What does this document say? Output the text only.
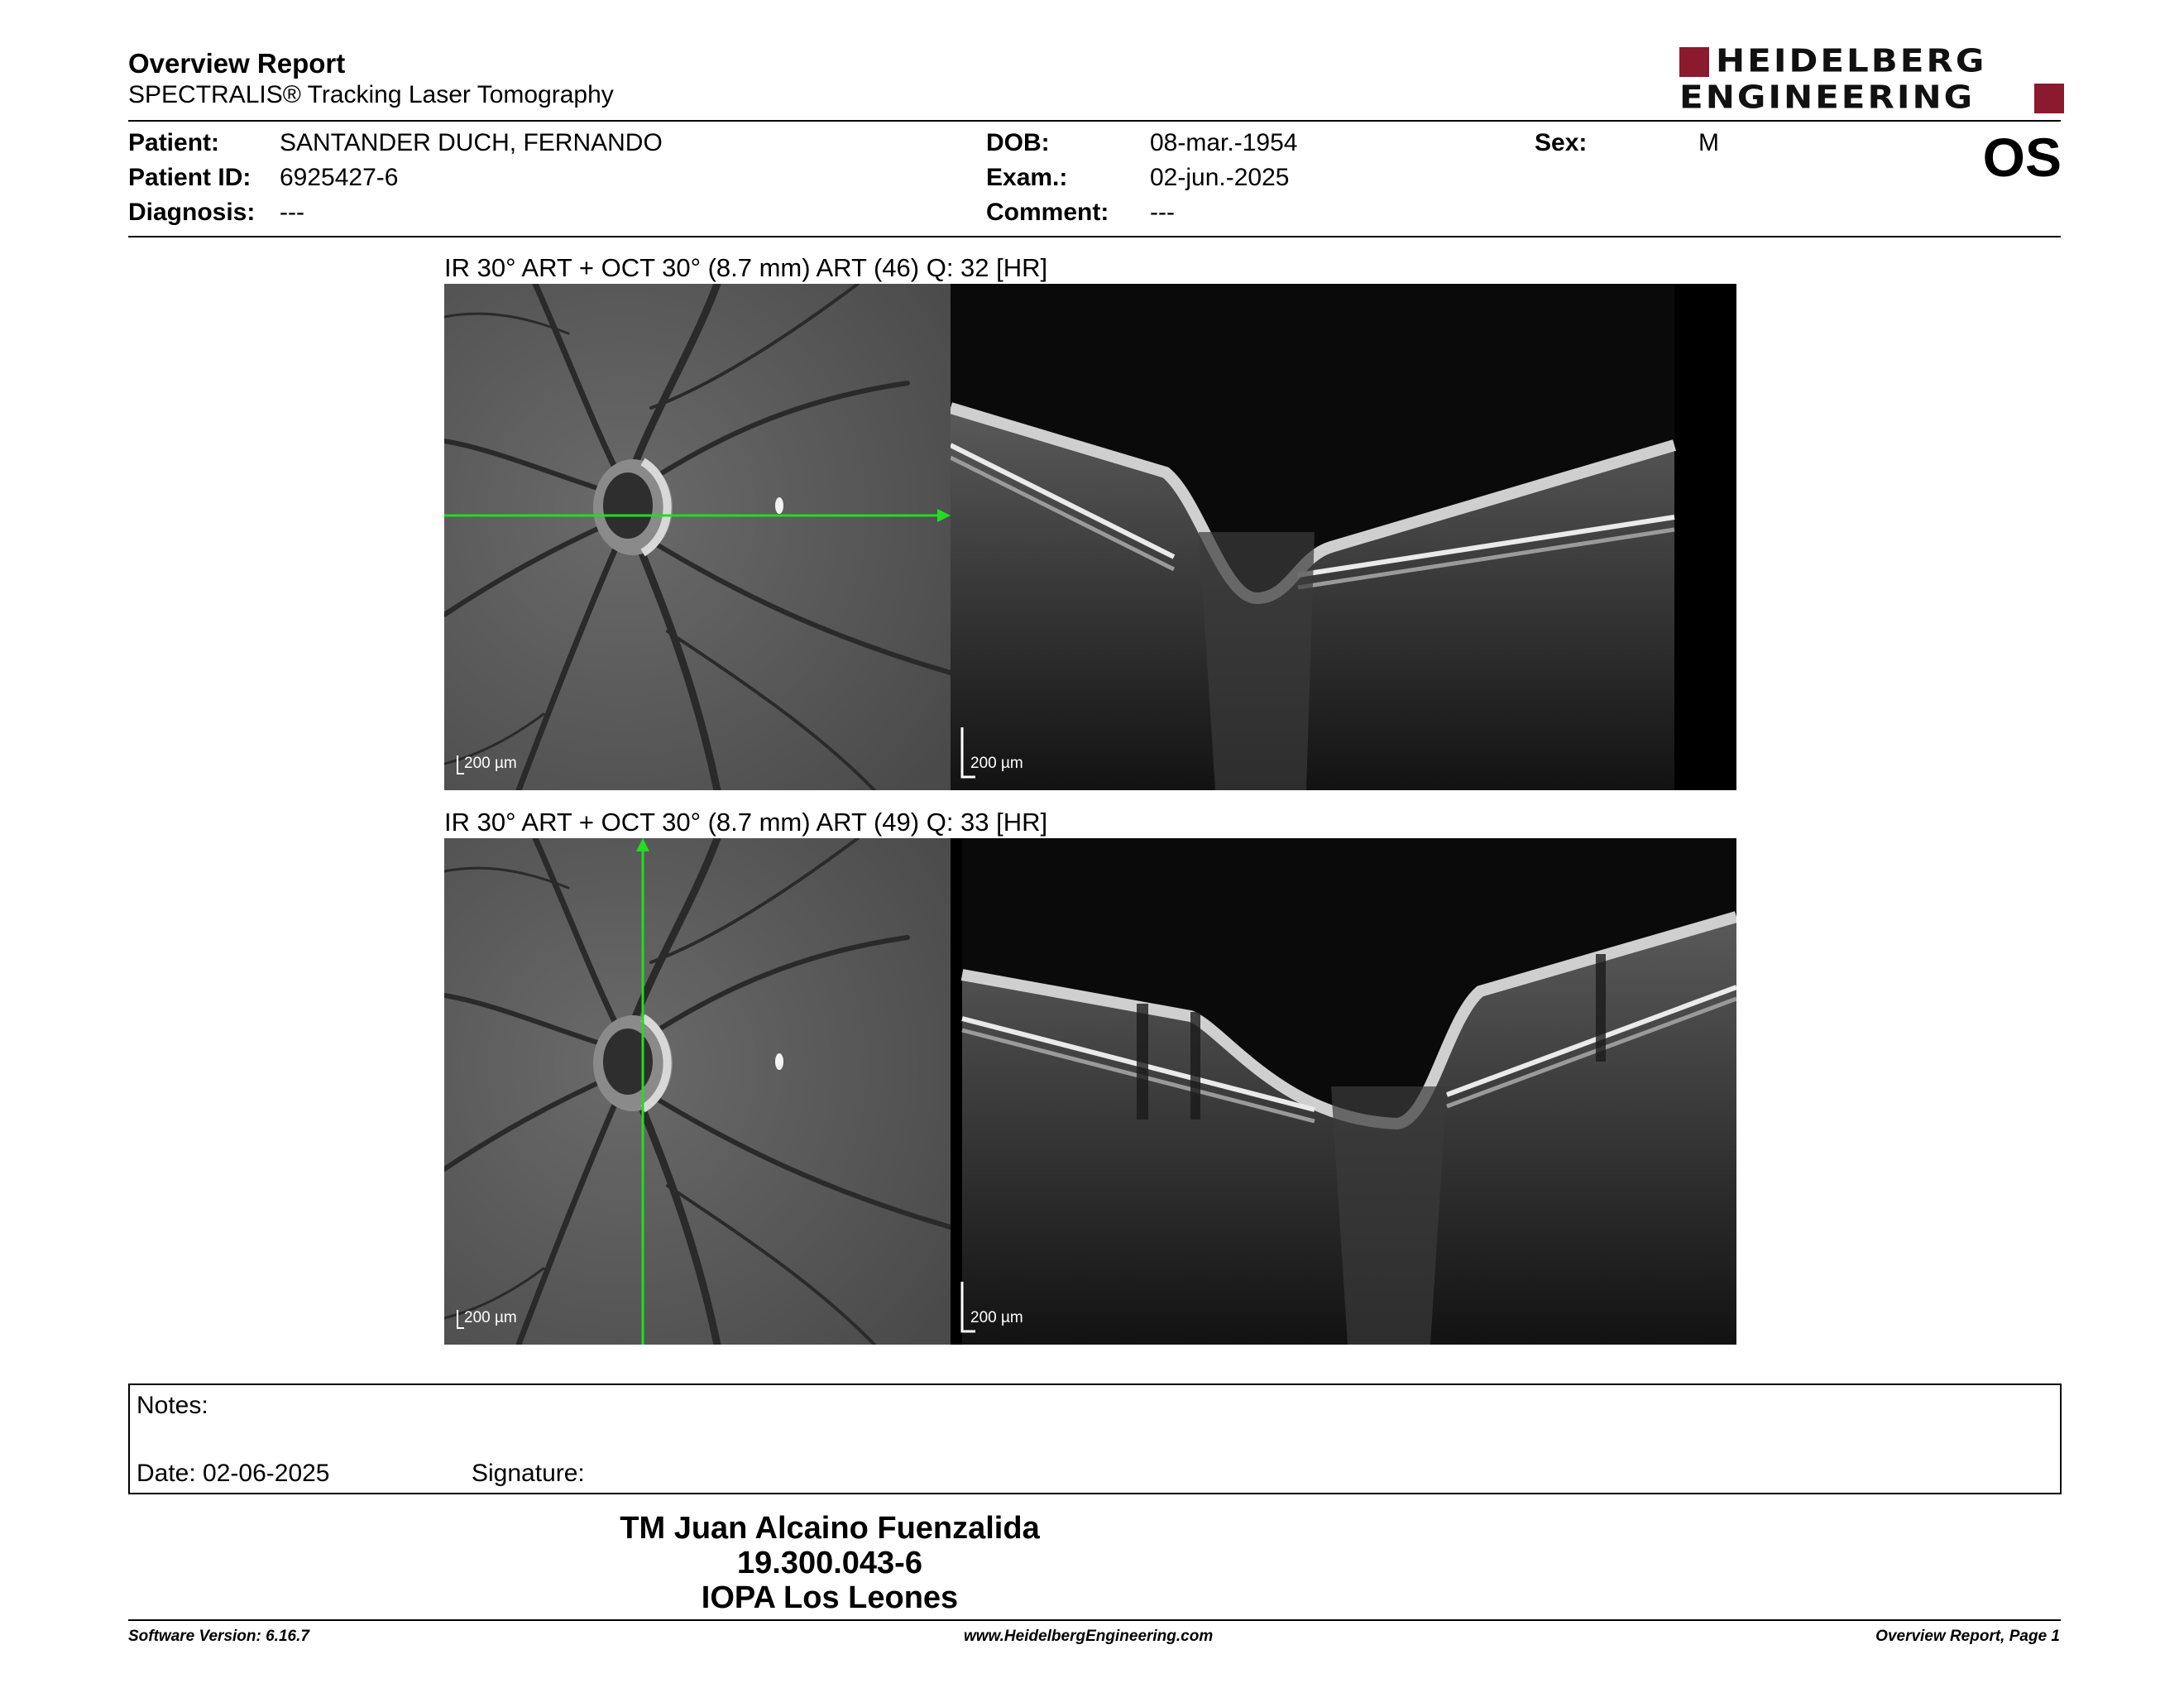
Overview Report
SPECTRALIS® Tracking Laser Tomography
HEIDELBERG
ENGINEERING
Patient: SANTANDER DUCH, FERNANDO
Patient ID: 6925427-6
Diagnosis: ---
DOB:	08-mar.-1954
Exam.:	02-jun.-2025
Comment: ---
Sex:	M	OS
IR 30° ART + OCT 30° (8.7 mm) ART (46) Q: 32 [HR]
200 µm	200 µm
IR 30° ART + OCT 30° (8.7 mm) ART (49) Q: 33 [HR]
200 µm	200 µm
Notes:
Date: 02-06-2025	Signature:
TM Juan Alcaino Fuenzalida
19.300.043-6
IOPA Los Leones
Software Version: 6.16.7	www.HeidelbergEngineering.com	Overview Report, Page 1
